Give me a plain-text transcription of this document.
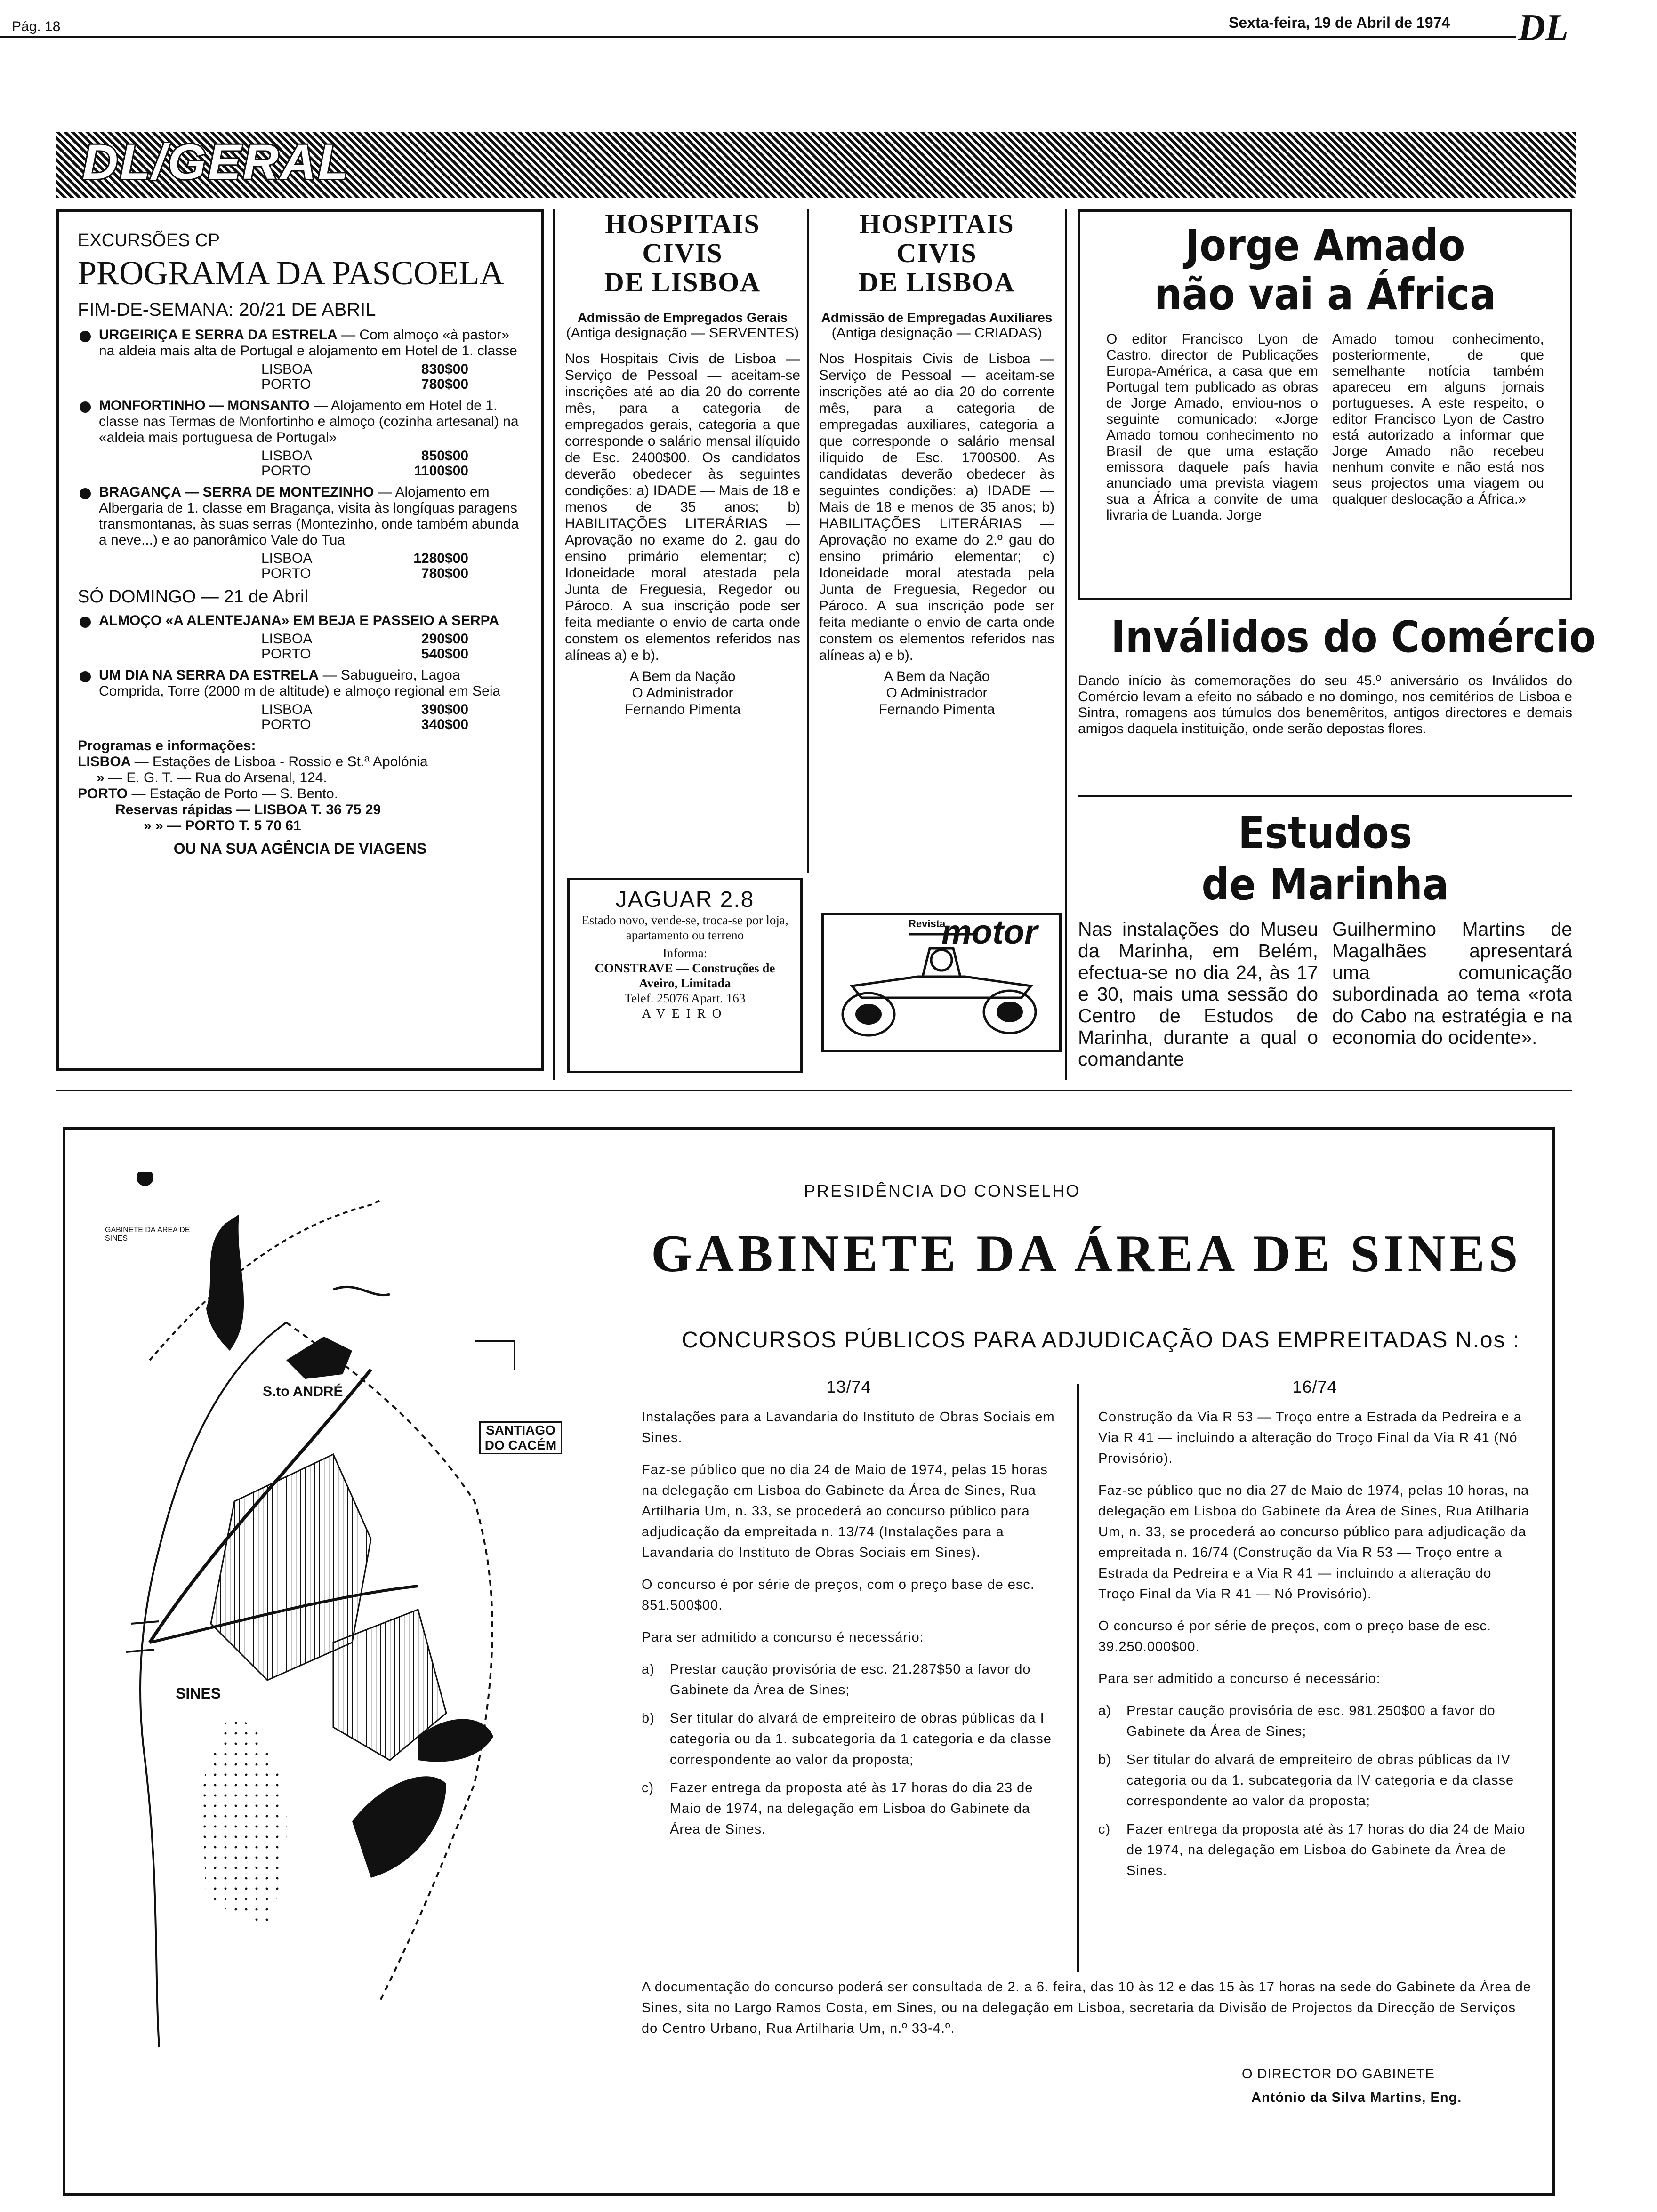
Pág. 18	Sexta-feira, 19 de Abril de 1974 DL
DL/GERAL
EXCURSÕES CP
PROGRAMA DA PASCOELA
FIM-DE-SEMANA: 20/21 DE ABRIL
URGEIRIÇA E SERRA DA ESTRELA — Com almoço «à pastor» na aldeia mais alta de Portugal e alojamento em Hotel de 1. classe
LISBOA	830$00
PORTO	780$00
MONFORTINHO — MONSANTO — Alojamento em Hotel de 1. classe nas Termas de Monfortinho e almoço (cozinha artesanal) na «aldeia mais portuguesa de Portugal»
LISBOA	850$00
PORTO	1100$00
BRAGANÇA — SERRA DE MONTEZINHO — Alojamento em Albergaria de 1. classe em Bragança, visita às longíquas paragens transmontanas, às suas serras (Montezinho, onde também abunda a neve...) e ao panorâmico Vale do Tua
LISBOA	1280$00
PORTO	780$00
SÓ DOMINGO — 21 de Abril
ALMOÇO «A ALENTEJANA» EM BEJA E PASSEIO A SERPA
LISBOA	290$00
PORTO	540$00
UM DIA NA SERRA DA ESTRELA — Sabugueiro, Lagoa Comprida, Torre (2000 m de altitude) e almoço regional em Seia
LISBOA	390$00
PORTO	340$00
Programas e informações:
LISBOA — Estações de Lisboa - Rossio e St.ª Apolónia
» — E. G. T. — Rua do Arsenal, 124.
PORTO — Estação de Porto — S. Bento.
Reservas rápidas — LISBOA T. 36 75 29
» » — PORTO T. 5 70 61
OU NA SUA AGÊNCIA DE VIAGENS
HOSPITAIS CIVIS
DE LISBOA
Admissão de Empregados Gerais
(Antiga designação — SERVENTES)
Nos Hospitais Civis de Lisboa — Serviço de Pessoal — aceitam-se inscrições até ao dia 20 do corrente mês, para a categoria de empregados gerais, categoria a que corresponde o salário mensal ilíquido de Esc. 2400$00. Os candidatos deverão obedecer às seguintes condições: a) IDADE — Mais de 18 e menos de 35 anos; b) HABILITAÇÕES LITERÁRIAS — Aprovação no exame do 2. gau do ensino primário elementar; c) Idoneidade moral atestada pela Junta de Freguesia, Regedor ou Pároco. A sua inscrição pode ser feita mediante o envio de carta onde constem os elementos referidos nas alíneas a) e b).
A Bem da Nação
O Administrador
Fernando Pimenta
HOSPITAIS CIVIS
DE LISBOA
Admissão de Empregadas Auxiliares
(Antiga designação — CRIADAS)
Nos Hospitais Civis de Lisboa — Serviço de Pessoal — aceitam-se inscrições até ao dia 20 do corrente mês, para a categoria de empregadas auxiliares, categoria a que corresponde o salário mensal ilíquido de Esc. 1700$00. As candidatas deverão obedecer às seguintes condições: a) IDADE — Mais de 18 e menos de 35 anos; b) HABILITAÇÕES LITERÁRIAS — Aprovação no exame do 2.º gau do ensino primário elementar; c) Idoneidade moral atestada pela Junta de Freguesia, Regedor ou Pároco. A sua inscrição pode ser feita mediante o envio de carta onde constem os elementos referidos nas alíneas a) e b).
A Bem da Nação
O Administrador
Fernando Pimenta
JAGUAR 2.8
Estado novo, vende-se, troca-se por loja, apartamento ou terreno
Informa:
CONSTRAVE — Construções de Aveiro, Limitada
Telef. 25076 Apart. 163
AVEIRO
Revista
motor
Jorge Amado
não vai a África
O editor Francisco Lyon de Castro, director de Publicações Europa-América, a casa que em Portugal tem publicado as obras de Jorge Amado, enviou-nos o seguinte comunicado: «Jorge Amado tomou conhecimento no Brasil de que uma estação emissora daquele país havia anunciado uma prevista viagem sua a África a convite de uma livraria de Luanda. Jorge
Amado tomou conhecimento, posteriormente, de que semelhante notícia também apareceu em alguns jornais portugueses. A este respeito, o editor Francisco Lyon de Castro está autorizado a informar que Jorge Amado não recebeu nenhum convite e não está nos seus projectos uma viagem ou qualquer deslocação a África.»
Inválidos do Comércio
Dando início às comemorações do seu 45.º aniversário os Inválidos do Comércio levam a efeito no sábado e no domingo, nos cemitérios de Lisboa e Sintra, romagens aos túmulos dos benemêritos, antigos directores e demais amigos daquela instituição, onde serão depostas flores.
Estudos
de Marinha
Nas instalações do Museu da Marinha, em Belém, efectua-se no dia 24, às 17 e 30, mais uma sessão do Centro de Estudos de Marinha, durante a qual o comandante
Guilhermino Martins de Magalhães apresentará uma comunicação subordinada ao tema «rota do Cabo na estratégia e na economia do ocidente».
GABINETE DA ÁREA DE SINES
S.to ANDRÉ
SANTIAGO DO CACÉM
SINES
PRESIDÊNCIA DO CONSELHO
GABINETE DA ÁREA DE SINES
CONCURSOS PÚBLICOS PARA ADJUDICAÇÃO DAS EMPREITADAS N.os :
13/74

Instalações para a Lavandaria do Instituto de Obras Sociais em Sines.

Faz-se público que no dia 24 de Maio de 1974, pelas 15 horas na delegação em Lisboa do Gabinete da Área de Sines, Rua Artilharia Um, n. 33, se procederá ao concurso público para adjudicação da empreitada n. 13/74 (Instalações para a Lavandaria do Instituto de Obras Sociais em Sines).

O concurso é por série de preços, com o preço base de esc. 851.500$00.

Para ser admitido a concurso é necessário:

a)	Prestar caução provisória de esc. 21.287$50 a favor do Gabinete da Área de Sines;
b)	Ser titular do alvará de empreiteiro de obras públicas da I categoria ou da 1. subcategoria da 1 categoria e da classe correspondente ao valor da proposta;
c)	Fazer entrega da proposta até às 17 horas do dia 23 de Maio de 1974, na delegação em Lisboa do Gabinete da Área de Sines.
16/74

Construção da Via R 53 — Troço entre a Estrada da Pedreira e a Via R 41 — incluindo a alteração do Troço Final da Via R 41 (Nó Provisório).

Faz-se público que no dia 27 de Maio de 1974, pelas 10 horas, na delegação em Lisboa do Gabinete da Área de Sines, Rua Atilharia Um, n. 33, se procederá ao concurso público para adjudicação da empreitada n. 16/74 (Construção da Via R 53 — Troço entre a Estrada da Pedreira e a Via R 41 — incluindo a alteração do Troço Final da Via R 41 — Nó Provisório).

O concurso é por série de preços, com o preço base de esc. 39.250.000$00.

Para ser admitido a concurso é necessário:

a)	Prestar caução provisória de esc. 981.250$00 a favor do Gabinete da Área de Sines;
b)	Ser titular do alvará de empreiteiro de obras públicas da IV categoria ou da 1. subcategoria da IV categoria e da classe correspondente ao valor da proposta;
c)	Fazer entrega da proposta até às 17 horas do dia 24 de Maio de 1974, na delegação em Lisboa do Gabinete da Área de Sines.
A documentação do concurso poderá ser consultada de 2. a 6. feira, das 10 às 12 e das 15 às 17 horas na sede do Gabinete da Área de Sines, sita no Largo Ramos Costa, em Sines, ou na delegação em Lisboa, secretaria da Divisão de Projectos da Direcção de Serviços do Centro Urbano, Rua Artilharia Um, n.º 33-4.º.
O DIRECTOR DO GABINETE
António da Silva Martins, Eng.
